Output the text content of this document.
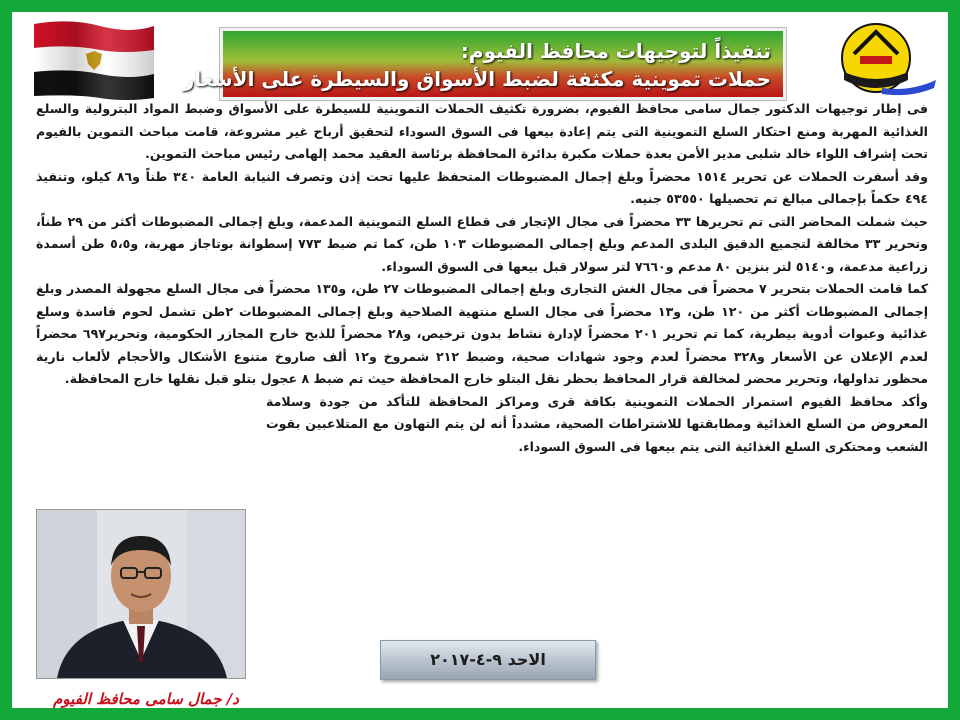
تنفيذاً لتوجيهات محافظ الفيوم:
حملات تموينية مكثفة لضبط الأسواق والسيطرة على الأسعار

فى إطار توجيهات الدكتور جمال سامى محافظ الفيوم، بضرورة تكثيف الحملات التموينية للسيطرة على الأسواق وضبط المواد البترولية والسلع الغذائية المهربة ومنع احتكار السلع التموينية التى يتم إعادة بيعها فى السوق السوداء لتحقيق أرباح غير مشروعة، قامت مباحث التموين بالفيوم تحت إشراف اللواء خالد شلبى مدير الأمن بعدة حملات مكبرة بدائرة المحافظة برئاسة العقيد محمد إلهامى رئيس مباحث التموين.

وقد أسفرت الحملات عن تحرير ١٥١٤ محضراً وبلغ إجمال المضبوطات المتحفظ عليها تحت إذن وتصرف النيابة العامة ٣٤٠ طناً و٨٦ كيلو، وتنفيذ ٤٩٤ حكماً بإجمالى مبالغ تم تحصيلها ٥٣٥٥٠ جنيه.

حيث شملت المحاضر التى تم تحريرها ٣٣ محضراً فى مجال الإتجار فى قطاع السلع التموينية المدعمة، وبلغ إجمالى المضبوطات أكثر من ٢٩ طناً، وتحرير ٣٣ مخالفة لتجميع الدقيق البلدى المدعم وبلغ إجمالى المضبوطات ١٠٣ طن، كما تم ضبط ٧٧٣ إسطوانة بوتاجاز مهربة، و٥،٥ طن أسمدة زراعية مدعمة، و٥١٤٠ لتر بنزين ٨٠ مدعم و٧٦٦٠ لتر سولار قبل بيعها فى السوق السوداء.

كما قامت الحملات بتحرير ٧ محضراً فى مجال الغش التجارى وبلغ إجمالى المضبوطات ٢٧ طن، و١٣٥ محضراً فى مجال السلع مجهولة المصدر وبلغ إجمالى المضبوطات أكثر من ١٢٠ طن، و١٣ محضراً فى مجال السلع منتهية الصلاحية وبلغ إجمالى المضبوطات ٢طن تشمل لحوم فاسدة وسلع غذائية وعبوات أدوية بيطرية، كما تم تحرير ٢٠١ محضراً لإدارة نشاط بدون ترخيص، و٢٨ محضراً للذبح خارج المجازر الحكومية، وتحرير٦٩٧ محضراً لعدم الإعلان عن الأسعار و٣٢٨ محضراً لعدم وجود شهادات صحية، وضبط ٢١٢ شمروخ و١٢ ألف صاروخ متنوع الأشكال والأحجام لألعاب نارية محظور تداولها، وتحرير محضر لمخالفة قرار المحافظ بحظر نقل البتلو خارج المحافظة حيث تم ضبط ٨ عجول بتلو قبل نقلها خارج المحافظة.

وأكد محافظ الفيوم استمرار الحملات التموينية بكافة قرى ومراكز المحافظة للتأكد من جودة وسلامة المعروض من السلع الغذائية ومطابقتها للاشتراطات الصحية، مشدداً أنه لن يتم التهاون مع المتلاعبين بقوت الشعب ومحتكرى السلع الغذائية التى يتم بيعها فى السوق السوداء.

د/ جمال سامى محافظ الفيوم
الاحد ٩-٤-٢٠١٧
